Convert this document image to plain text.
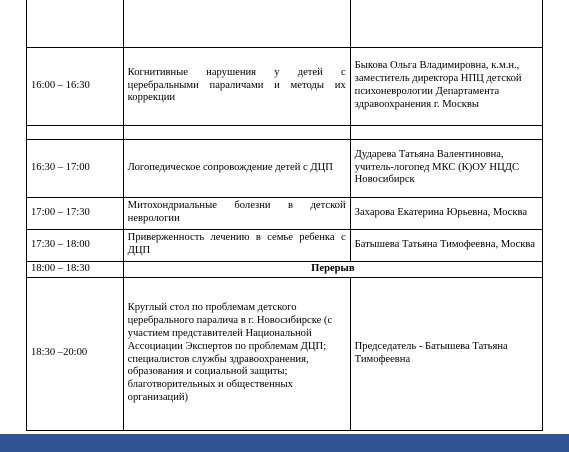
16:00 – 16:30	Когнитивные нарушения у детей с церебральными параличами и методы их коррекции	Быкова Ольга Владимировна, к.м.н., заместитель директора НПЦ детской психоневрологии Департамента здравоохранения г. Москвы

16:30 – 17:00	Логопедическое сопровождение детей с ДЦП	Дударева Татьяна Валентиновна, учитель-логопед МКС (К)ОУ НЦДС Новосибирск
17:00 – 17:30	Митохондриальные болезни в детской неврологии	Захарова Екатерина Юрьевна, Москва
17:30 – 18:00	Приверженность лечению в семье ребенка с ДЦП	Батышева Татьяна Тимофеевна, Москва
18:00 – 18:30	Перерыв	
18:30 –20:00	Круглый стол по проблемам детского церебрального паралича в г. Новосибирске (с участием представителей Национальной Ассоциации Экспертов по проблемам ДЦП; специалистов службы здравоохранения, образования и социальной защиты; благотворительных и общественных организаций)	Председатель - Батышева Татьяна Тимофеевна
